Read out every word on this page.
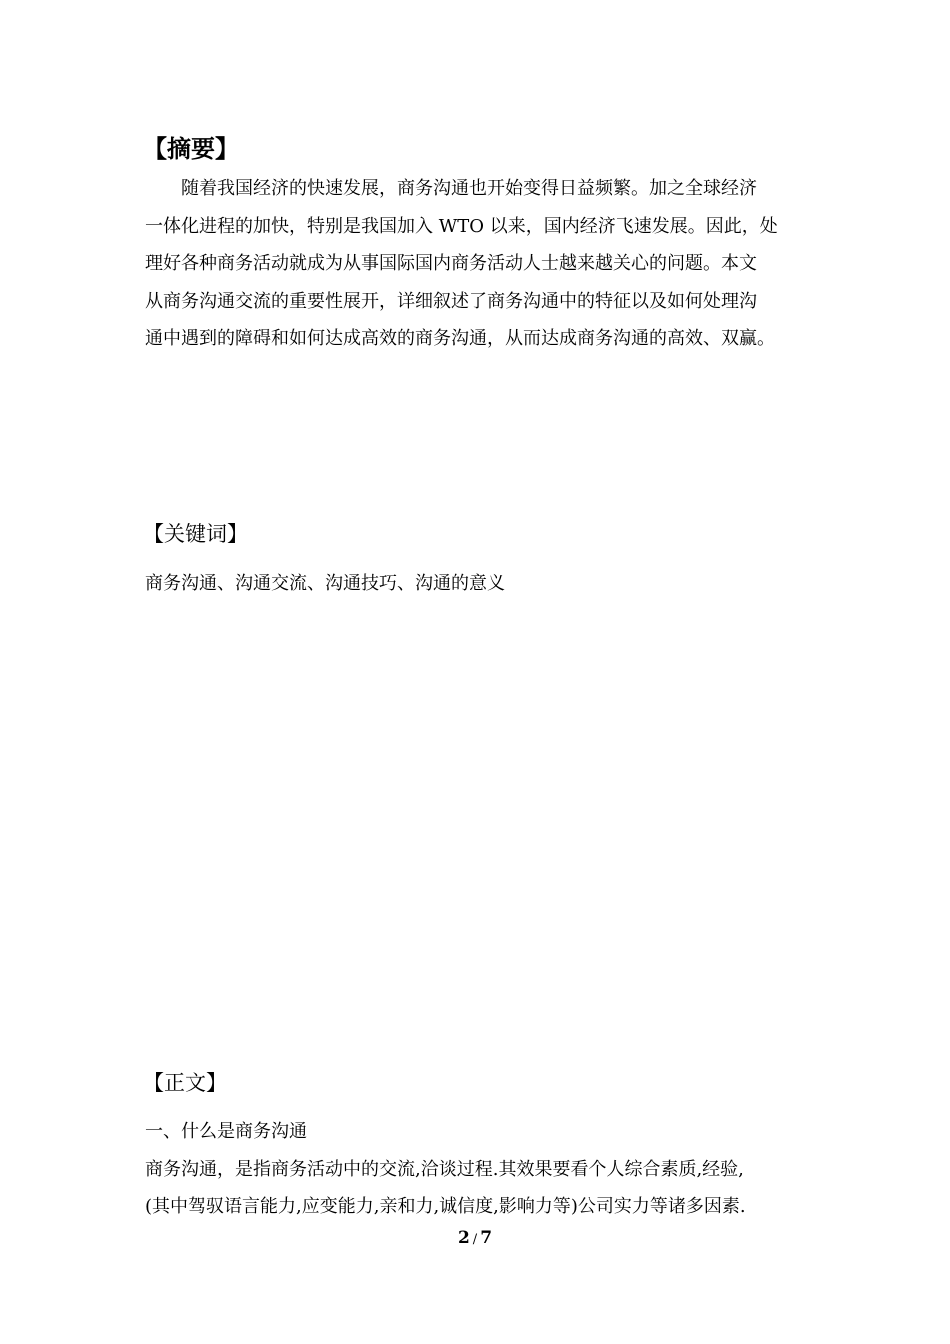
【摘要】
随着我国经济的快速发展，商务沟通也开始变得日益频繁。加之全球经济
一体化进程的加快，特别是我国加入 WTO 以来，国内经济飞速发展。因此，处
理好各种商务活动就成为从事国际国内商务活动人士越来越关心的问题。本文
从商务沟通交流的重要性展开，详细叙述了商务沟通中的特征以及如何处理沟
通中遇到的障碍和如何达成高效的商务沟通，从而达成商务沟通的高效、双赢。
【关键词】
商务沟通、沟通交流、沟通技巧、沟通的意义
【正文】
一、什么是商务沟通
商务沟通，是指商务活动中的交流,洽谈过程.其效果要看个人综合素质,经验,
(其中驾驭语言能力,应变能力,亲和力,诚信度,影响力等)公司实力等诸多因素.
2 / 7
